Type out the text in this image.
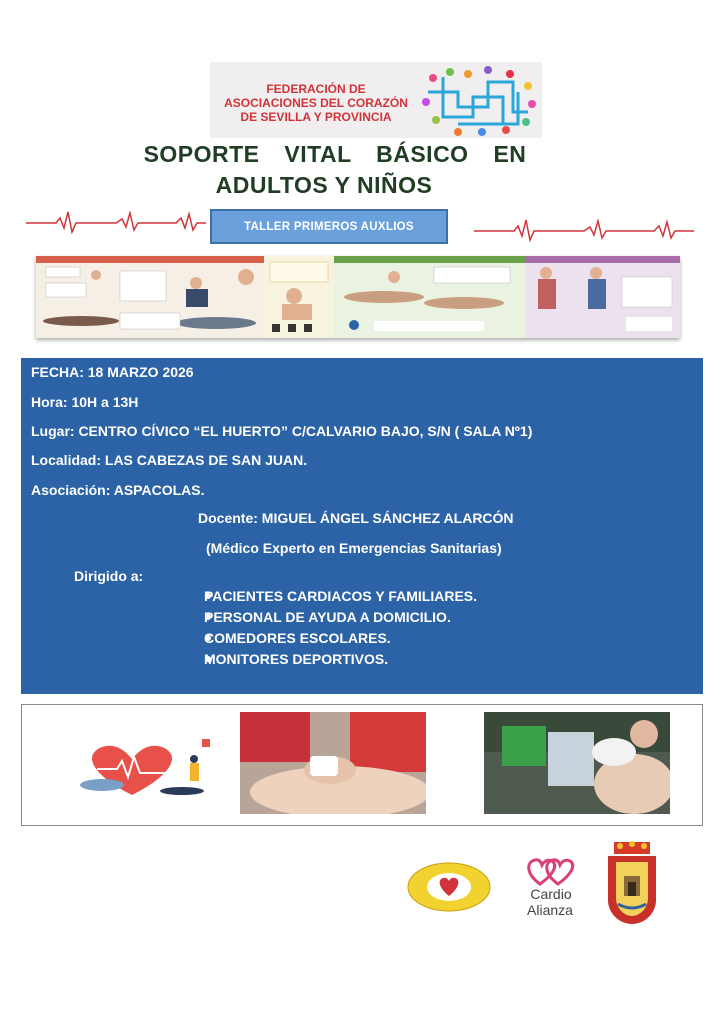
FEDERACIÓN DE
ASOCIACIONES DEL CORAZÓN
DE SEVILLA Y PROVINCIA
SOPORTE VITAL BÁSICO EN
ADULTOS Y NIÑOS
TALLER PRIMEROS AUXLIOS
FECHA: 18 MARZO 2026
Hora: 10H a 13H
Lugar: CENTRO CÍVICO “EL HUERTO” C/CALVARIO BAJO, S/N ( SALA Nº1)
Localidad: LAS CABEZAS DE SAN JUAN.
Asociación: ASPACOLAS.
Docente: MIGUEL ÁNGEL SÁNCHEZ ALARCÓN
(Médico Experto en Emergencias Sanitarias)
Dirigido a:
PACIENTES CARDIACOS Y FAMILIARES.
PERSONAL DE AYUDA A DOMICILIO.
COMEDORES ESCOLARES.
MONITORES DEPORTIVOS.
Cardio
Alianza
